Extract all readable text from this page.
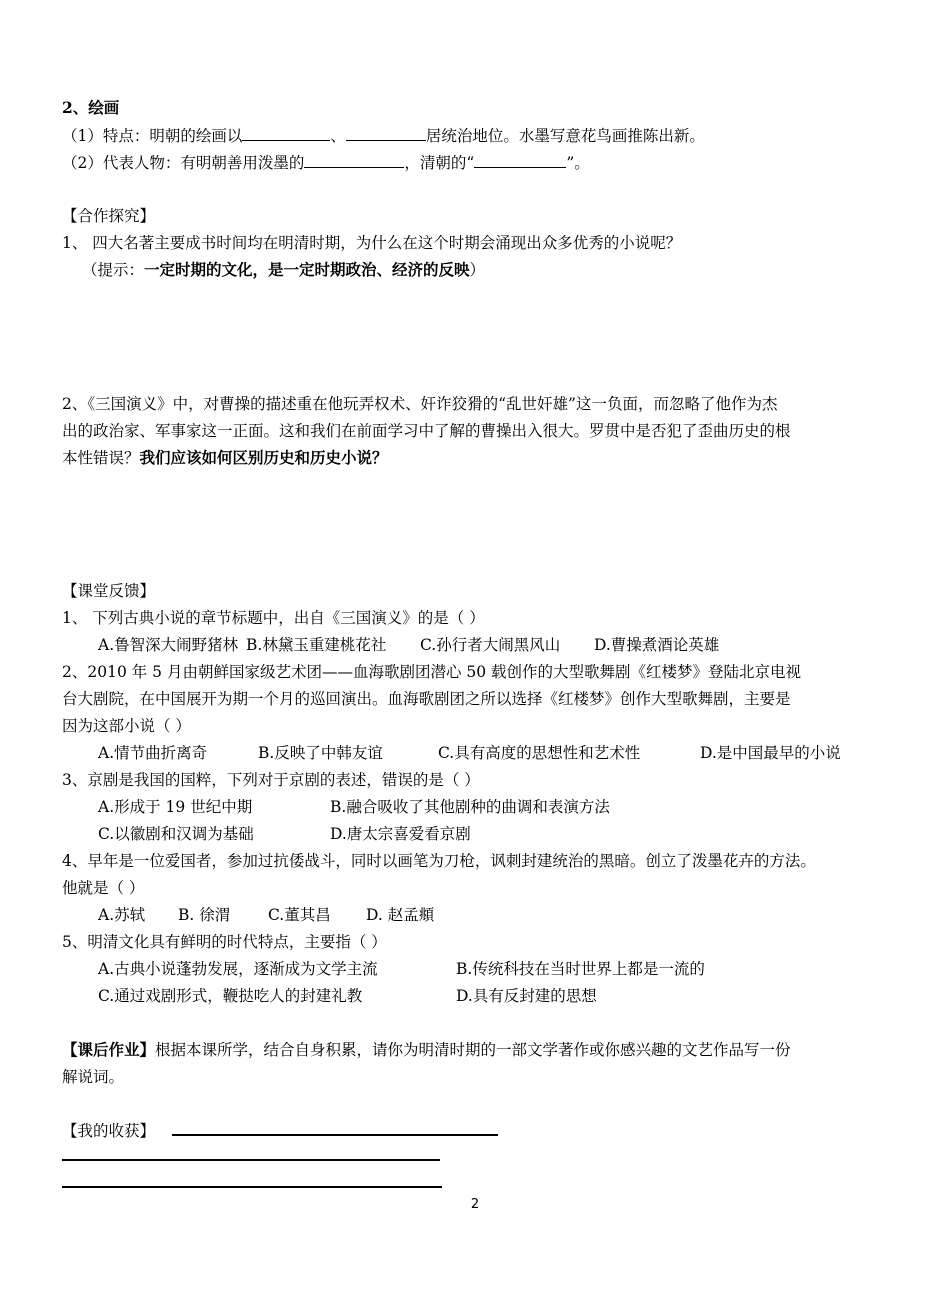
2、绘画
（1）特点：明朝的绘画以	、	居统治地位。水墨写意花鸟画推陈出新。
（2）代表人物：有明朝善用泼墨的	，清朝的“	”。
【合作探究】
1、 四大名著主要成书时间均在明清时期，为什么在这个时期会涌现出众多优秀的小说呢？
（提示：一定时期的文化，是一定时期政治、经济的反映）
2、《三国演义》中，对曹操的描述重在他玩弄权术、奸诈狡猾的“乱世奸雄”这一负面，而忽略了他作为杰
出的政治家、军事家这一正面。这和我们在前面学习中了解的曹操出入很大。罗贯中是否犯了歪曲历史的根
本性错误？我们应该如何区别历史和历史小说？
【课堂反馈】
1、 下列古典小说的章节标题中，出自《三国演义》的是（ ）
A.鲁智深大闹野猪林 B.林黛玉重建桃花社 C.孙行者大闹黑风山 D.曹操煮酒论英雄
2、2010 年 5 月由朝鲜国家级艺术团——血海歌剧团潜心 50 载创作的大型歌舞剧《红楼梦》登陆北京电视
台大剧院，在中国展开为期一个月的巡回演出。血海歌剧团之所以选择《红楼梦》创作大型歌舞剧，主要是
因为这部小说（ ）
A.情节曲折离奇	B.反映了中韩友谊	C.具有高度的思想性和艺术性	D.是中国最早的小说
3、京剧是我国的国粹，下列对于京剧的表述，错误的是（ ）
A.形成于 19 世纪中期	B.融合吸收了其他剧种的曲调和表演方法
C.以徽剧和汉调为基础	D.唐太宗喜爱看京剧
4、早年是一位爱国者，参加过抗倭战斗，同时以画笔为刀枪，讽刺封建统治的黑暗。创立了泼墨花卉的方法。
他就是（ ）
A.苏轼 B. 徐渭 C.董其昌 D. 赵孟頫
5、明清文化具有鲜明的时代特点，主要指（ ）
A.古典小说蓬勃发展，逐渐成为文学主流	B.传统科技在当时世界上都是一流的
C.通过戏剧形式，鞭挞吃人的封建礼教	D.具有反封建的思想
【课后作业】根据本课所学，结合自身积累，请你为明清时期的一部文学著作或你感兴趣的文艺作品写一份
解说词。
【我的收获】
2
